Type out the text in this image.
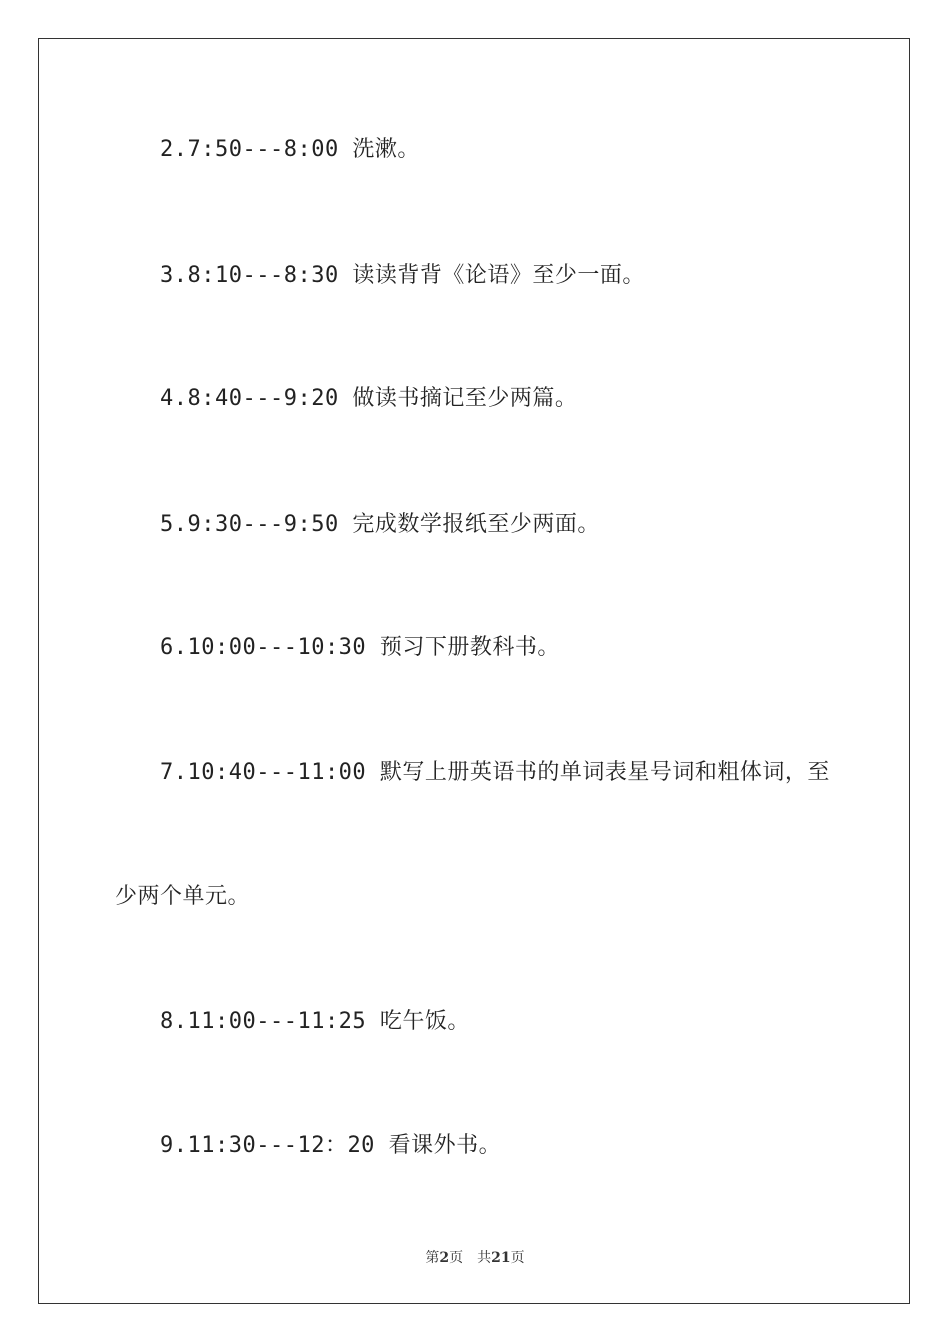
2.7:50---8:00 洗漱。
3.8:10---8:30 读读背背《论语》至少一面。
4.8:40---9:20 做读书摘记至少两篇。
5.9:30---9:50 完成数学报纸至少两面。
6.10:00---10:30 预习下册教科书。
7.10:40---11:00 默写上册英语书的单词表星号词和粗体词，至
少两个单元。
8.11:00---11:25 吃午饭。
9.11:30---12：20 看课外书。
第2页 共21页
